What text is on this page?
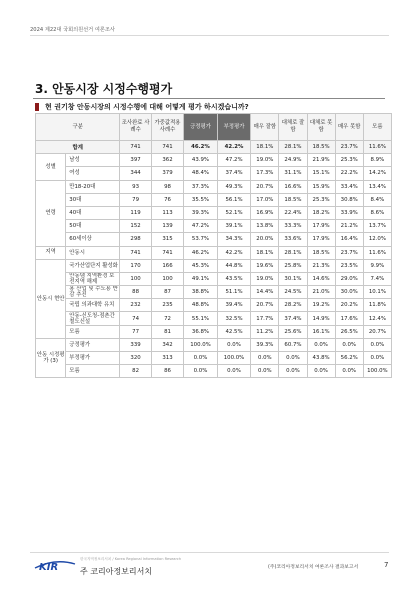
2024 제22대 국회의원선거 여론조사
3. 안동시장 시정수행평가
현 권기창 안동시장의 시정수행에 대해 어떻게 평가 하시겠습니까?
구분		조사완료 사례수	가중값적용 사례수	긍정평가	부정평가	매우 잘함	대체로 잘함	대체로 못함	매우 못함	모름
합계		741	741	46.2%	42.2%	18.1%	28.1%	18.5%	23.7%	11.6%
성별	남성	397	362	43.9%	47.2%	19.0%	24.9%	21.9%	25.3%	8.9%
	여성	344	379	48.4%	37.4%	17.3%	31.1%	15.1%	22.2%	14.2%
연령	만18-20대	93	98	37.3%	49.3%	20.7%	16.6%	15.9%	33.4%	13.4%
	30대	79	76	35.5%	56.1%	17.0%	18.5%	25.3%	30.8%	8.4%
	40대	119	113	39.3%	52.1%	16.9%	22.4%	18.2%	33.9%	8.6%
	50대	152	139	47.2%	39.1%	13.8%	33.3%	17.9%	21.2%	13.7%
	60세이상	298	315	53.7%	34.3%	20.0%	33.6%	17.9%	16.4%	12.0%
지역	안동시	741	741	46.2%	42.2%	18.1%	28.1%	18.5%	23.7%	11.6%
안동시 현안	국가산업단지 활성화	170	166	45.3%	44.8%	19.6%	25.8%	21.3%	23.5%	9.9%
	안동댐 지역환경 보전지역 해제	100	100	49.1%	43.5%	19.0%	30.1%	14.6%	29.0%	7.4%
	용 산업 및 수도용 반감 추진	88	87	38.8%	51.1%	14.4%	24.5%	21.0%	30.0%	10.1%
	국립 의과대학 유치	232	235	48.8%	39.4%	20.7%	28.2%	19.2%	20.2%	11.8%
	안동-신도청-점촌간 철도신설	74	72	55.1%	32.5%	17.7%	37.4%	14.9%	17.6%	12.4%
	모름	77	81	36.8%	42.5%	11.2%	25.6%	16.1%	26.5%	20.7%
안동 시정평가 (3)	긍정평가	339	342	100.0%	0.0%	39.3%	60.7%	0.0%	0.0%	0.0%
	부정평가	320	313	0.0%	100.0%	0.0%	0.0%	43.8%	56.2%	0.0%
	모름	82	86	0.0%	0.0%	0.0%	0.0%	0.0%	0.0%	100.0%
KIR
한국지역정보리서치 / Korea Regional Information Research
주 코리아정보리서치	(주)코리아정보리서치 여론조사 결과보고서	7
